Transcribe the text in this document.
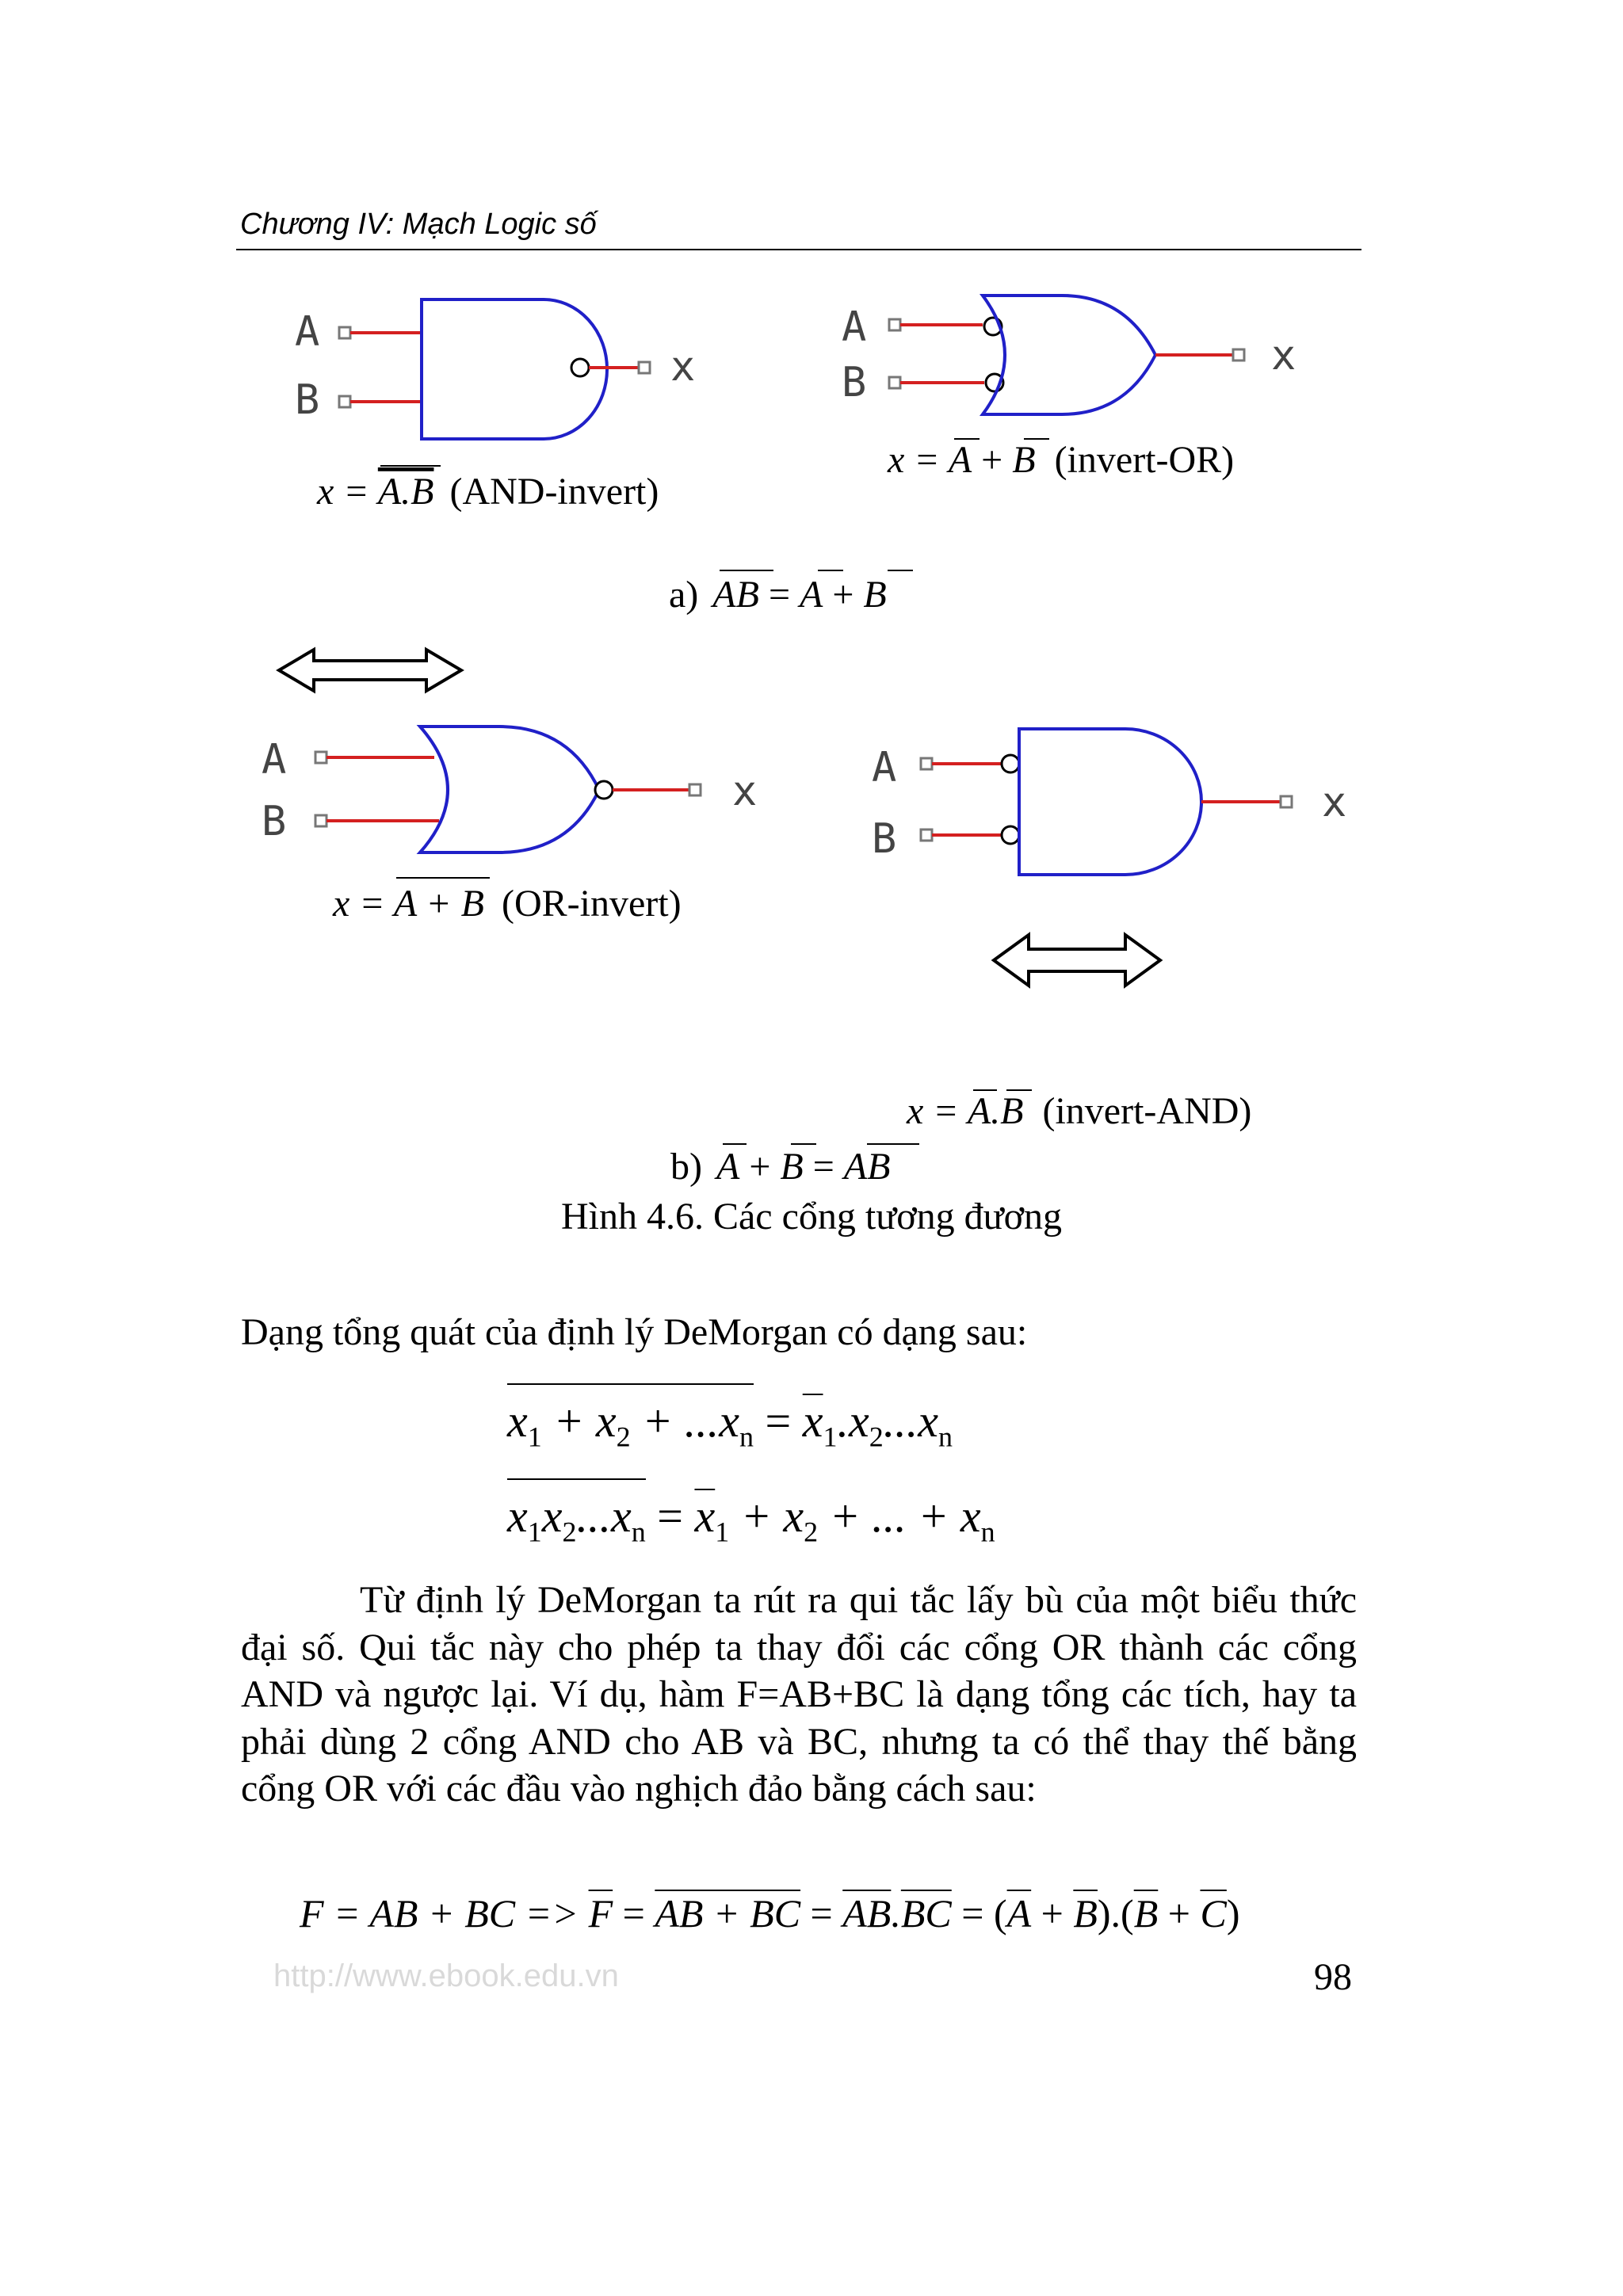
Chương IV: Mạch Logic số
A
B
x
x = A.B (AND-invert)
A
B
x
x = A + B (invert-OR)
a) AB = A + B
A
B
x
x = A + B (OR-invert)
A
B
x
x = A.B (invert-AND)
b) A + B = AB
Hình 4.6. Các cổng tương đương
Dạng tổng quát của định lý DeMorgan có dạng sau:
$x_1 + x_2 + ...x_n$
= $\overline{x}_1.x_2...x_n$
$x_1x_2...x_n$
= $\overline{x}_1 + x_2$ + ... + $x_n$
Từ định lý DeMorgan ta rút ra qui tắc lấy bù của một biểu thức đại số. Qui tắc này cho phép ta thay đổi các cổng OR thành các cổng AND và ngược lại. Ví dụ, hàm F=AB+BC là dạng tổng các tích, hay ta phải dùng 2 cổng AND cho AB và BC, nhưng ta có thể thay thế bằng cổng OR với các đầu vào nghịch đảo bằng cách sau:
F = AB + BC => $\overline{F}$ = AB + BC = $\overline{AB}.\overline{BC} = (\overline{A} + \overline{B}).(\overline{B} + \overline{C})$
http://www.ebook.edu.vn	98
